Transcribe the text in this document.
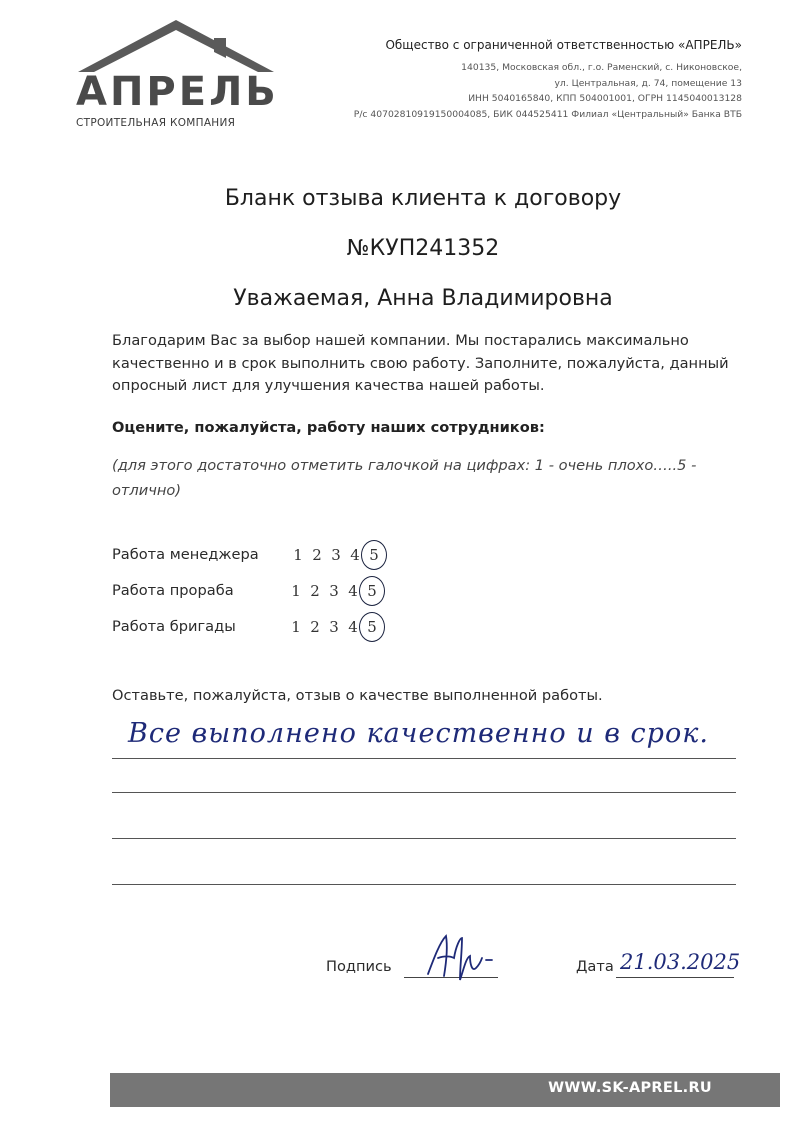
АПРЕЛЬ
СТРОИТЕЛЬНАЯ КОМПАНИЯ
Общество с ограниченной ответственностью «АПРЕЛЬ»
140135, Московская обл., г.о. Раменский, с. Никоновское,
ул. Центральная, д. 74, помещение 13
ИНН 5040165840, КПП 504001001, ОГРН 1145040013128
Р/с 40702810919150004085, БИК 044525411 Филиал «Центральный» Банка ВТБ
Бланк отзыва клиента к договору
№КУП241352
Уважаемая, Анна Владимировна
Благодарим Вас за выбор нашей компании. Мы постарались максимально качественно и в срок выполнить свою работу. Заполните, пожалуйста, данный опросный лист для улучшения качества нашей работы.
Оцените, пожалуйста, работу наших сотрудников:
(для этого достаточно отметить галочкой на цифрах: 1 - очень плохо…..5 - отлично)
Работа менеджера 1 2 3 4 5
Работа прораба	1 2 3 4 5
Работа бригады	1 2 3 4 5
Оставьте, пожалуйста, отзыв о качестве выполненной работы.
Все выполнено качественно и в срок.
Подпись	Дата 21.03.2025
WWW.SK-APREL.RU
